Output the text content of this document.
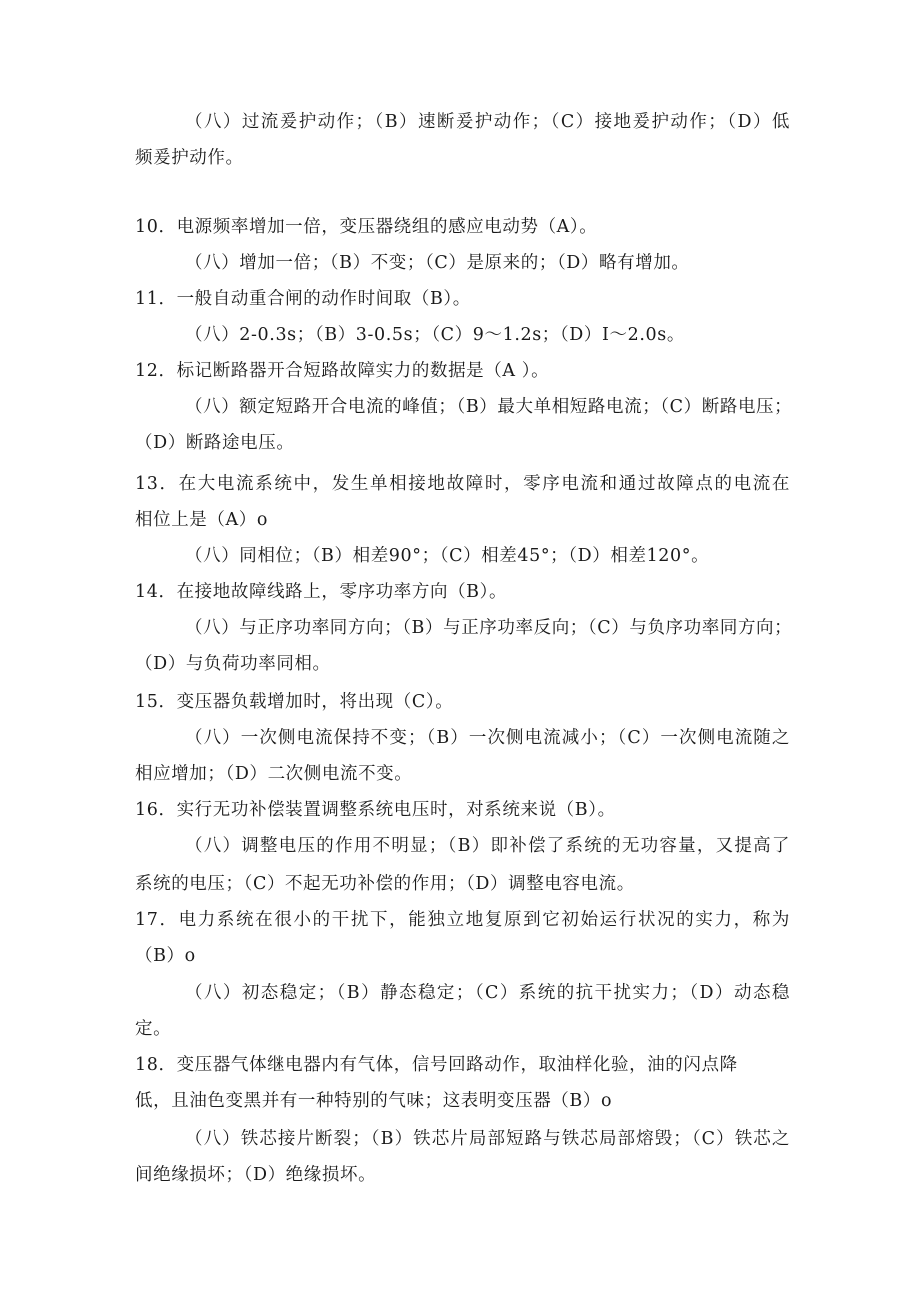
（八）过流爰护动作；（B）速断爰护动作；（C）接地爰护动作；（D）低
频爰护动作。
10．电源频率增加一倍，变压器绕组的感应电动势（A）。
（八）增加一倍；（B）不变；（C）是原来的；（D）略有增加。
11．一般自动重合闸的动作时间取（B）。
（八）2-0.3s；（B）3-0.5s；（C）9～1.2s；（D）I～2.0s。
12．标记断路器开合短路故障实力的数据是（A ）。
（八）额定短路开合电流的峰值；（B）最大单相短路电流；（C）断路电压；
（D）断路途电压。
13．在大电流系统中，发生单相接地故障时，零序电流和通过故障点的电流在
相位上是（A）o
（八）同相位；（B）相差90°；（C）相差45°；（D）相差120°。
14．在接地故障线路上，零序功率方向（B）。
（八）与正序功率同方向；（B）与正序功率反向；（C）与负序功率同方向；
（D）与负荷功率同相。
15．变压器负载增加时，将出现（C）。
（八）一次侧电流保持不变；（B）一次侧电流减小；（C）一次侧电流随之
相应增加；（D）二次侧电流不变。
16．实行无功补偿装置调整系统电压时，对系统来说（B）。
（八）调整电压的作用不明显；（B）即补偿了系统的无功容量，又提高了
系统的电压；（C）不起无功补偿的作用；（D）调整电容电流。
17．电力系统在很小的干扰下，能独立地复原到它初始运行状况的实力，称为
（B）o
（八）初态稳定；（B）静态稳定；（C）系统的抗干扰实力；（D）动态稳
定。
18．变压器气体继电器内有气体，信号回路动作，取油样化验，油的闪点降
低，且油色变黑并有一种特别的气味；这表明变压器（B）o
（八）铁芯接片断裂；（B）铁芯片局部短路与铁芯局部熔毁；（C）铁芯之
间绝缘损坏；（D）绝缘损坏。
